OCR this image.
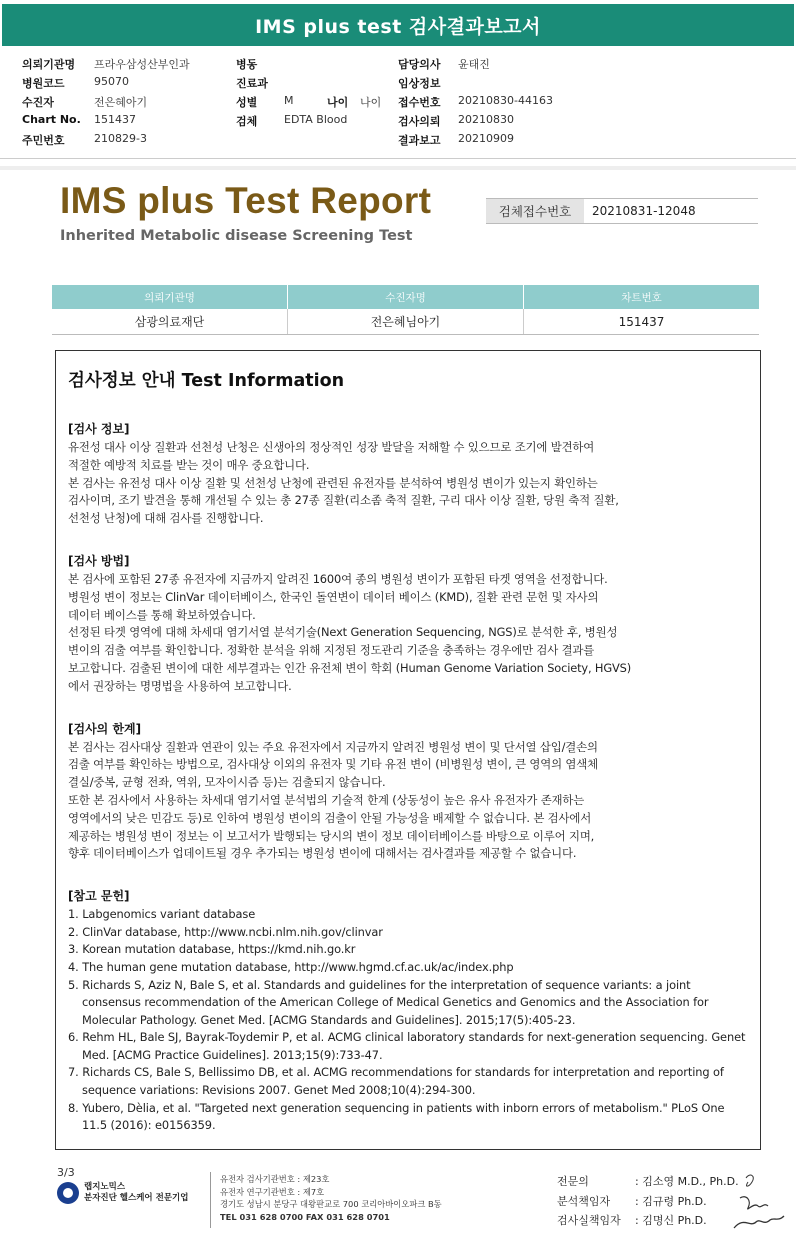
IMS plus test 검사결과보고서
의뢰기관명 프라우삼성산부인과	병동	담당의사 윤태진
병원코드	95070	진료과	임상정보
수진자	전은혜아기	성별 M	나이 나이 접수번호 20210830-44163
Chart No. 151437	검체 EDTA Blood	검사의뢰 20210830
주민번호	210829-3	결과보고 20210909
IMS plus Test Report
Inherited Metabolic disease Screening Test
검체접수번호	20210831-12048
의뢰기관명	수진자명	차트번호
삼광의료재단	전은혜님아기	151437
검사정보 안내 Test Information
[검사 정보]
유전성 대사 이상 질환과 선천성 난청은 신생아의 정상적인 성장 발달을 저해할 수 있으므로 조기에 발견하여
적절한 예방적 치료를 받는 것이 매우 중요합니다.
본 검사는 유전성 대사 이상 질환 및 선천성 난청에 관련된 유전자를 분석하여 병원성 변이가 있는지 확인하는
검사이며, 조기 발견을 통해 개선될 수 있는 총 27종 질환(리소좀 축적 질환, 구리 대사 이상 질환, 당원 축적 질환,
선천성 난청)에 대해 검사를 진행합니다.
[검사 방법]
본 검사에 포함된 27종 유전자에 지금까지 알려진 1600여 종의 병원성 변이가 포함된 타겟 영역을 선정합니다.
병원성 변이 정보는 ClinVar 데이터베이스, 한국인 돌연변이 데이터 베이스 (KMD), 질환 관련 문헌 및 자사의
데이터 베이스를 통해 확보하였습니다.
선정된 타겟 영역에 대해 차세대 염기서열 분석기술(Next Generation Sequencing, NGS)로 분석한 후, 병원성
변이의 검출 여부를 확인합니다. 정확한 분석을 위해 지정된 정도관리 기준을 충족하는 경우에만 검사 결과를
보고합니다. 검출된 변이에 대한 세부결과는 인간 유전체 변이 학회 (Human Genome Variation Society, HGVS)
에서 권장하는 명명법을 사용하여 보고합니다.
[검사의 한계]
본 검사는 검사대상 질환과 연관이 있는 주요 유전자에서 지금까지 알려진 병원성 변이 및 단서열 삽입/결손의
검출 여부를 확인하는 방법으로, 검사대상 이외의 유전자 및 기타 유전 변이 (비병원성 변이, 큰 영역의 염색체
결실/중복, 균형 전좌, 역위, 모자이시즘 등)는 검출되지 않습니다.
또한 본 검사에서 사용하는 차세대 염기서열 분석법의 기술적 한계 (상동성이 높은 유사 유전자가 존재하는
영역에서의 낮은 민감도 등)로 인하여 병원성 변이의 검출이 안될 가능성을 배제할 수 없습니다. 본 검사에서
제공하는 병원성 변이 정보는 이 보고서가 발행되는 당시의 변이 정보 데이터베이스를 바탕으로 이루어 지며,
향후 데이터베이스가 업데이트될 경우 추가되는 병원성 변이에 대해서는 검사결과를 제공할 수 없습니다.
[참고 문헌]
1. Labgenomics variant database
2. ClinVar database, http://www.ncbi.nlm.nih.gov/clinvar
3. Korean mutation database, https://kmd.nih.go.kr
4. The human gene mutation database, http://www.hgmd.cf.ac.uk/ac/index.php
5. Richards S, Aziz N, Bale S, et al. Standards and guidelines for the interpretation of sequence variants: a joint consensus recommendation of the American College of Medical Genetics and Genomics and the Association for Molecular Pathology. Genet Med. [ACMG Standards and Guidelines]. 2015;17(5):405-23.
6. Rehm HL, Bale SJ, Bayrak-Toydemir P, et al. ACMG clinical laboratory standards for next-generation sequencing. Genet Med. [ACMG Practice Guidelines]. 2013;15(9):733-47.
7. Richards CS, Bale S, Bellissimo DB, et al. ACMG recommendations for standards for interpretation and reporting of sequence variations: Revisions 2007. Genet Med 2008;10(4):294-300.
8. Yubero, Dèlia, et al. "Targeted next generation sequencing in patients with inborn errors of metabolism." PLoS One 11.5 (2016): e0156359.
3/3
랩지노믹스
분자진단 헬스케어 전문기업
유전자 검사기관번호 : 제23호
유전자 연구기관번호 : 제7호
경기도 성남시 분당구 대왕판교로 700 코리아바이오파크 B동
TEL 031 628 0700 FAX 031 628 0701
전문의	: 김소영 M.D., Ph.D.
분석책임자	: 김규령 Ph.D.
검사실책임자	: 김명신 Ph.D.
